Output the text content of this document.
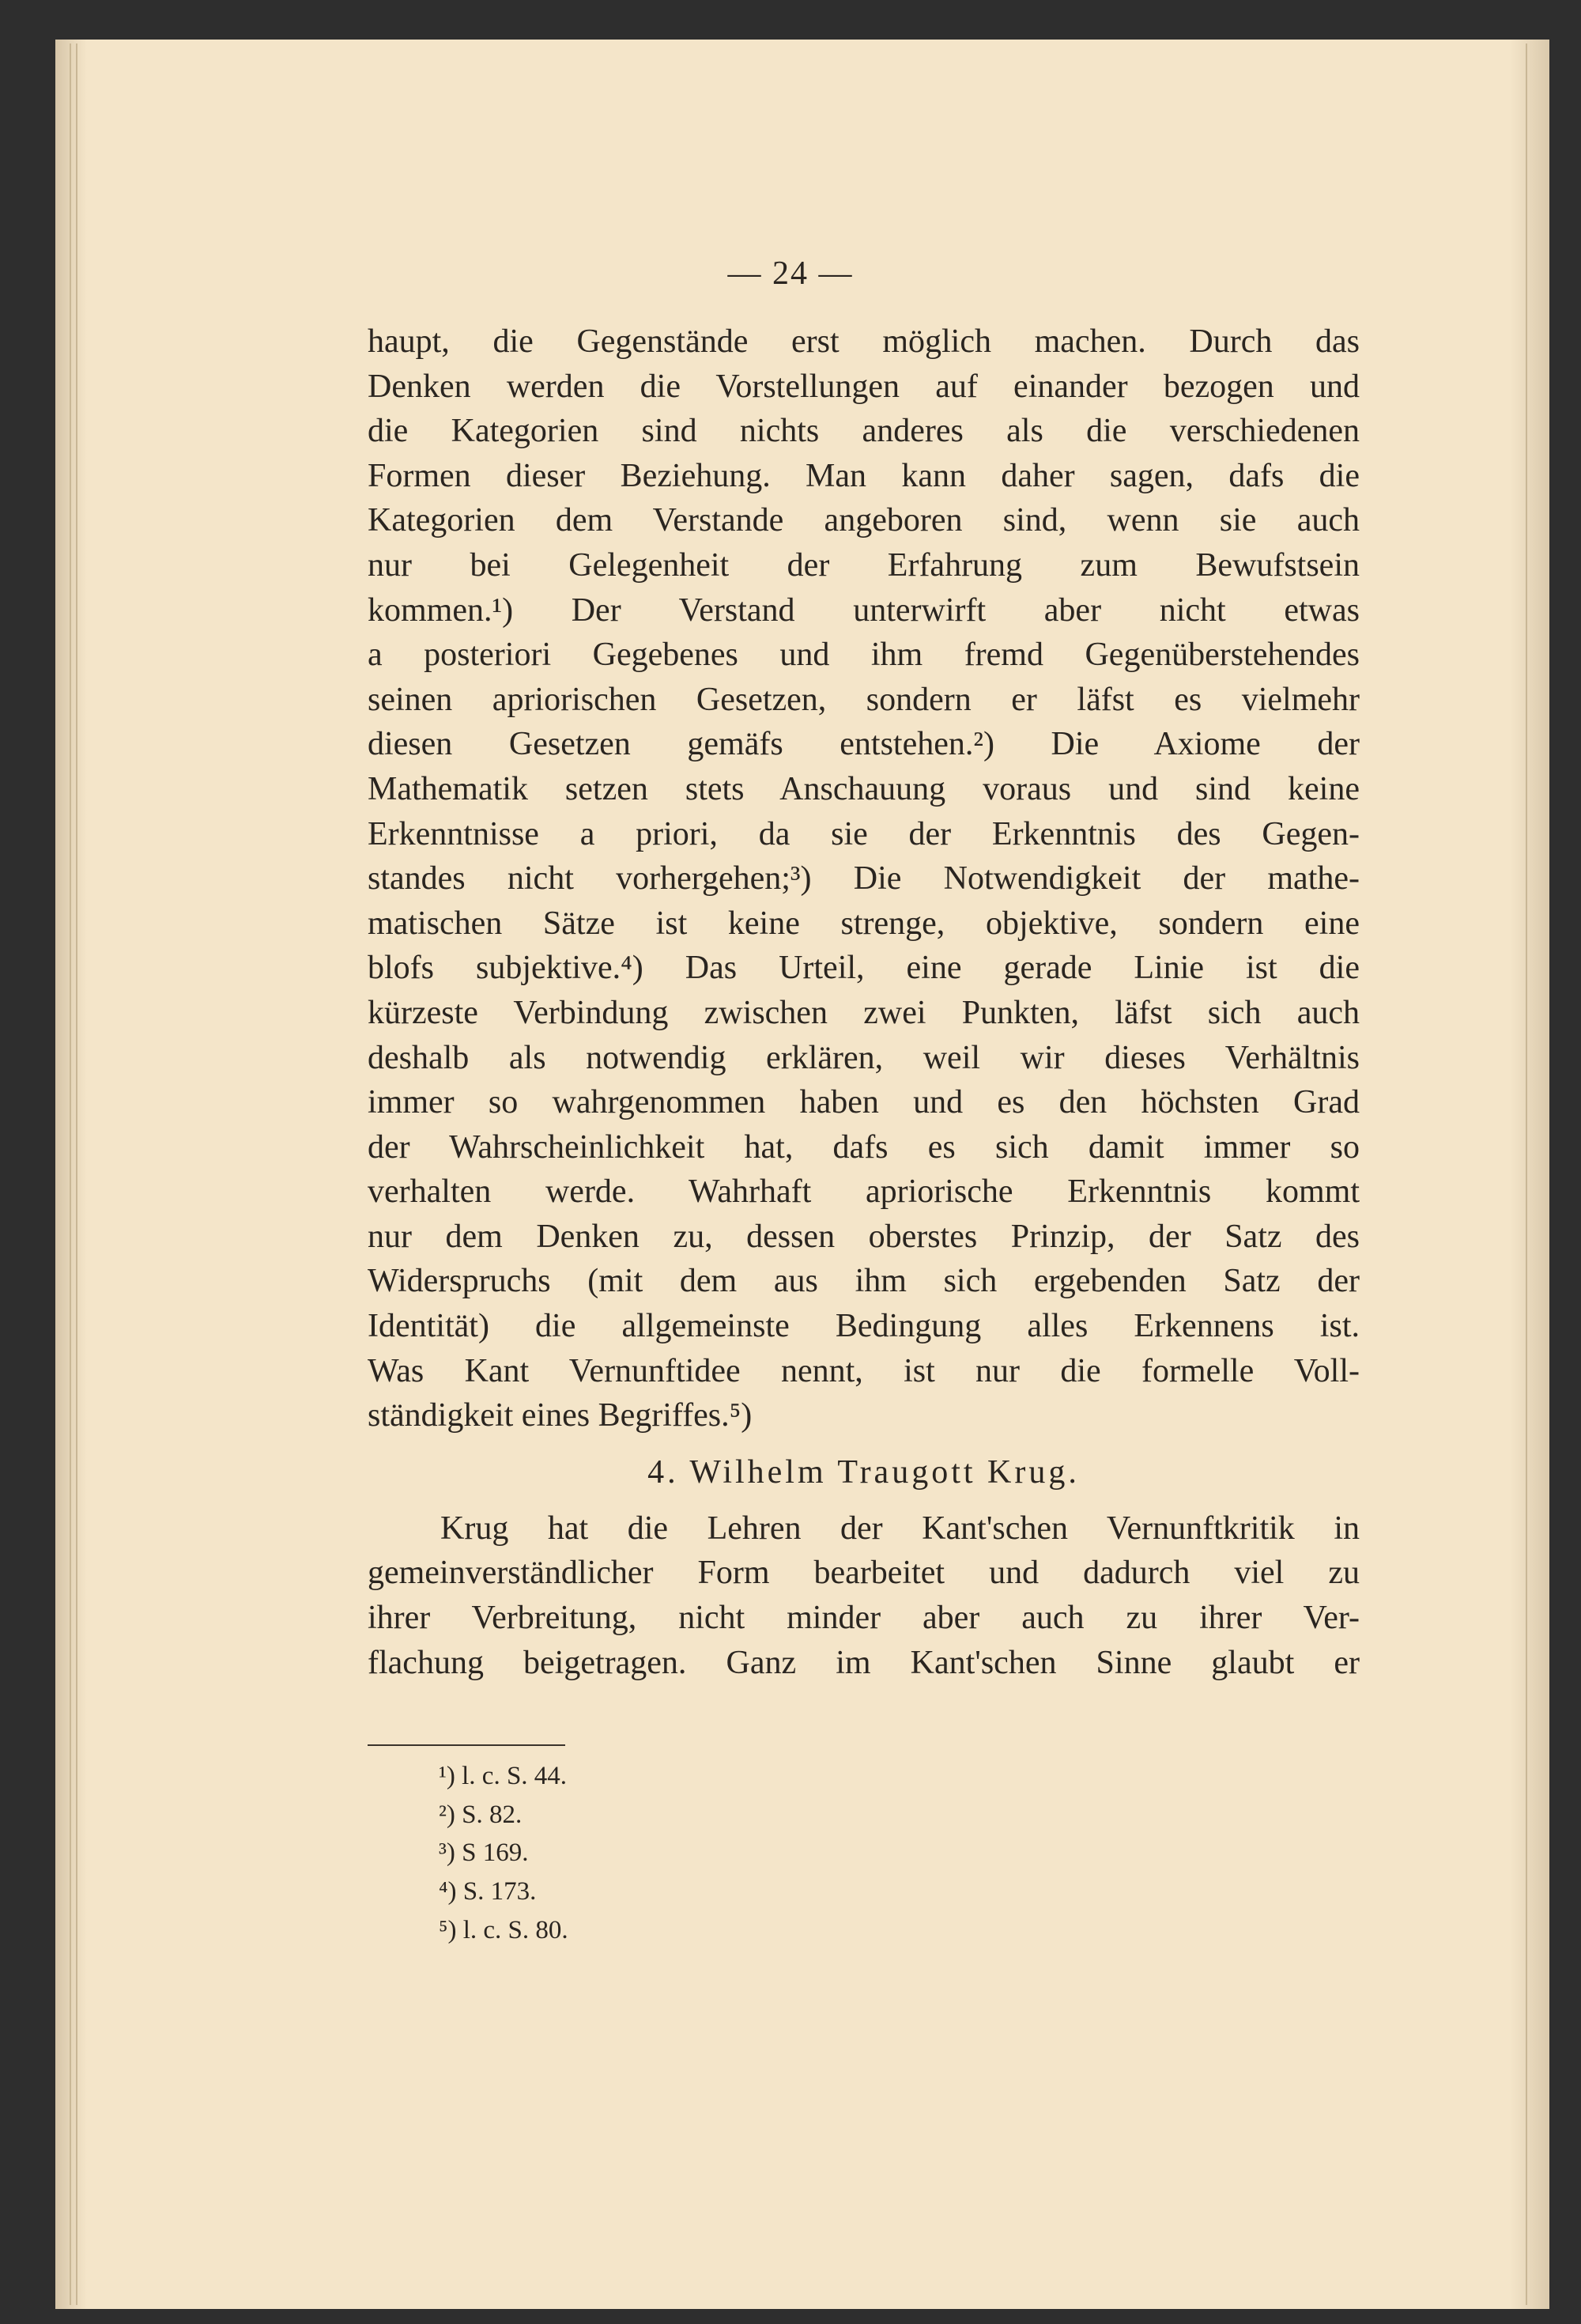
— 24 —
haupt, die Gegenstände erst möglich machen. Durch das
Denken werden die Vorstellungen auf einander bezogen und
die Kategorien sind nichts anderes als die verschiedenen
Formen dieser Beziehung. Man kann daher sagen, dafs die
Kategorien dem Verstande angeboren sind, wenn sie auch
nur bei Gelegenheit der Erfahrung zum Bewufstsein
kommen.¹) Der Verstand unterwirft aber nicht etwas
a posteriori Gegebenes und ihm fremd Gegenüberstehendes
seinen apriorischen Gesetzen, sondern er läfst es vielmehr
diesen Gesetzen gemäfs entstehen.²) Die Axiome der
Mathematik setzen stets Anschauung voraus und sind keine
Erkenntnisse a priori, da sie der Erkenntnis des Gegen-
standes nicht vorhergehen;³) Die Notwendigkeit der mathe-
matischen Sätze ist keine strenge, objektive, sondern eine
blofs subjektive.⁴) Das Urteil, eine gerade Linie ist die
kürzeste Verbindung zwischen zwei Punkten, läfst sich auch
deshalb als notwendig erklären, weil wir dieses Verhältnis
immer so wahrgenommen haben und es den höchsten Grad
der Wahrscheinlichkeit hat, dafs es sich damit immer so
verhalten werde. Wahrhaft apriorische Erkenntnis kommt
nur dem Denken zu, dessen oberstes Prinzip, der Satz des
Widerspruchs (mit dem aus ihm sich ergebenden Satz der
Identität) die allgemeinste Bedingung alles Erkennens ist.
Was Kant Vernunftidee nennt, ist nur die formelle Voll-
ständigkeit eines Begriffes.⁵)
4. Wilhelm Traugott Krug.
Krug hat die Lehren der Kant'schen Vernunftkritik in
gemeinverständlicher Form bearbeitet und dadurch viel zu
ihrer Verbreitung, nicht minder aber auch zu ihrer Ver-
flachung beigetragen. Ganz im Kant'schen Sinne glaubt er
¹) l. c. S. 44.
²) S. 82.
³) S 169.
⁴) S. 173.
⁵) l. c. S. 80.
